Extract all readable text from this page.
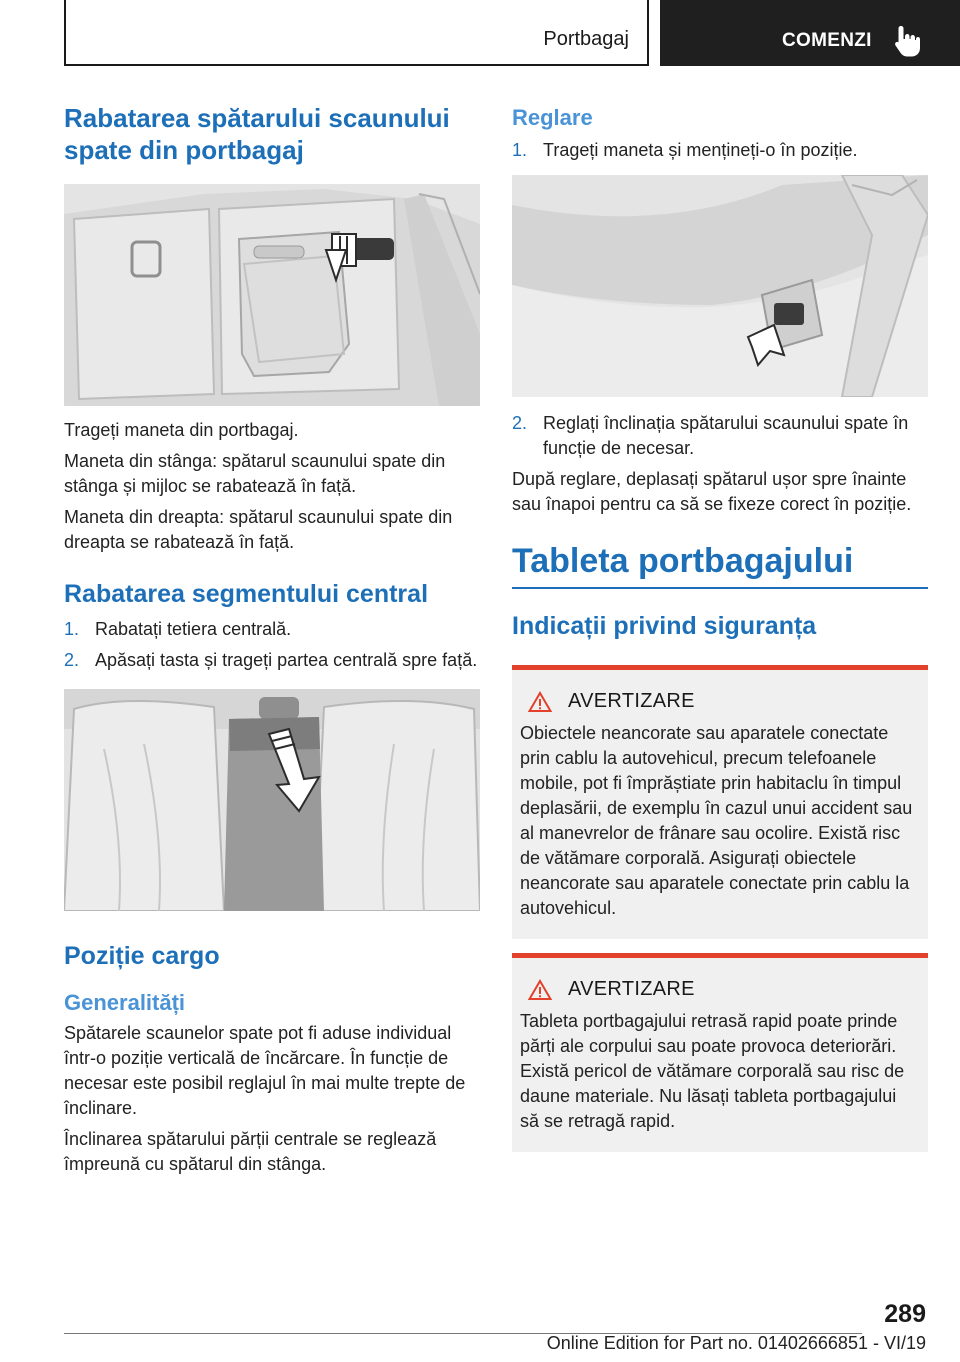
Portbagaj	COMENZI
Rabatarea spătarului scaunului spate din portbagaj

Trageți maneta din portbagaj.

Maneta din stânga: spătarul scaunului spate din stânga și mijloc se rabatează în față.

Maneta din dreapta: spătarul scaunului spate din dreapta se rabatează în față.

Rabatarea segmentului central
1. Rabatați tetiera centrală.
2. Apăsați tasta și trageți partea centrală spre față.
Poziție cargo
Generalități

Spătarele scaunelor spate pot fi aduse individual într-o poziție verticală de încărcare. În funcție de necesar este posibil reglajul în mai multe trepte de înclinare.

Înclinarea spătarului părții centrale se reglează împreună cu spătarul din stânga.

Reglare
1. Trageți maneta și mențineți-o în poziție.
2. Reglați înclinația spătarului scaunului spate în funcție de necesar.

După reglare, deplasați spătarul ușor spre înainte sau înapoi pentru ca să se fixeze corect în poziție.

Tableta portbagajului
Indicații privind siguranța
AVERTIZARE

Obiectele neancorate sau aparatele conectate prin cablu la autovehicul, precum telefoanele mobile, pot fi împrăștiate prin habitaclu în timpul deplasării, de exemplu în cazul unui accident sau al manevrelor de frânare sau ocolire. Există risc de vătămare corporală. Asigurați obiectele neancorate sau aparatele conectate prin cablu la autovehicul.

AVERTIZARE

Tableta portbagajului retrasă rapid poate prinde părți ale corpului sau poate provoca deteriorări. Există pericol de vătămare corporală sau risc de daune materiale. Nu lăsați tableta portbagajului să se retragă rapid.

289
Online Edition for Part no. 01402666851 - VI/19
